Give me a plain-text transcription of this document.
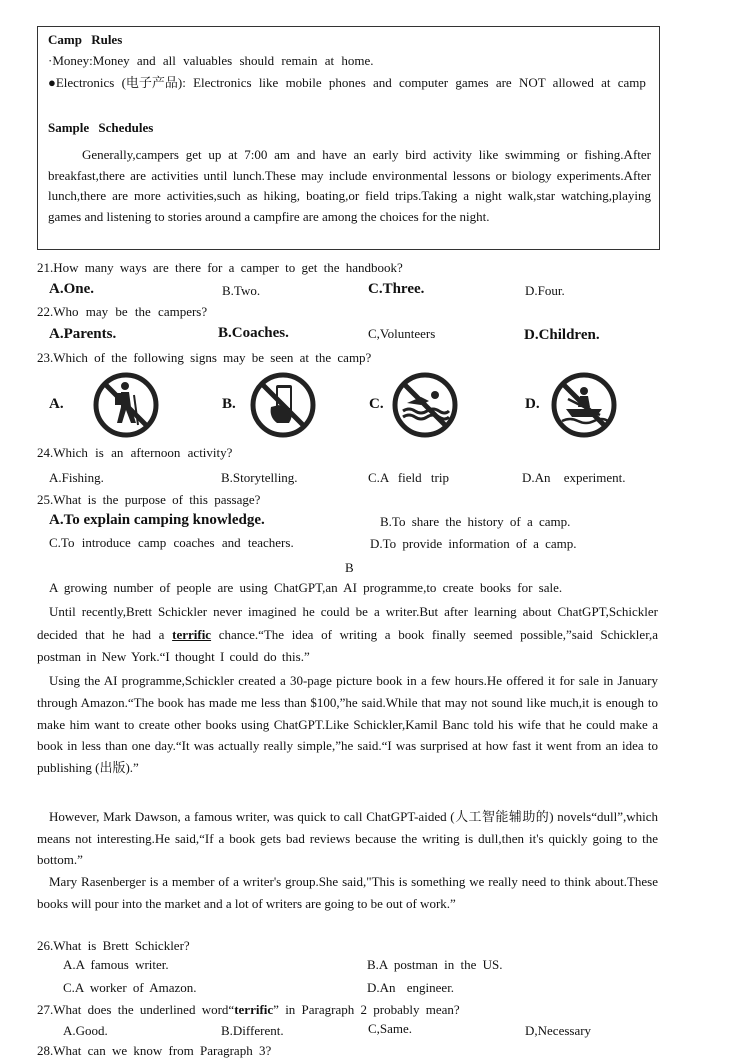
Camp Rules
·Money:Money and all valuables should remain at home.
●Electronics (电子产品): Electronics like mobile phones and computer games are NOT allowed at camp
Sample Schedules
Generally,campers get up at 7:00 am and have an early bird activity like swimming or fishing.After breakfast,there are activities until lunch.These may include environmental lessons or biology experiments.After lunch,there are more activities,such as hiking, boating,or field trips.Taking a night walk,star watching,playing games and listening to stories around a campfire are among the choices for the night.
21.How many ways are there for a camper to get the handbook?
A.One.	B.Two.	C.Three.	D.Four.
22.Who may be the campers?
A.Parents.	B.Coaches.	C,Volunteers	D.Children.
23.Which of the following signs may be seen at the camp?
A.	B.	C.	D.
24.Which is an afternoon activity?
A.Fishing.	B.Storytelling.	C.A field trip	D.An experiment.
25.What is the purpose of this passage?
A.To explain camping knowledge.	B.To share the history of a camp.
C.To introduce camp coaches and teachers.	D.To provide information of a camp.
B
A growing number of people are using ChatGPT,an AI programme,to create books for sale.
Until recently,Brett Schickler never imagined he could be a writer.But after learning about ChatGPT,Schickler decided that he had a terrific chance.“The idea of writing a book finally seemed possible,”said Schickler,a postman in New York.“I thought I could do this.”
Using the AI programme,Schickler created a 30-page picture book in a few hours.He offered it for sale in January through Amazon.“The book has made me less than $100,”he said.While that may not sound like much,it is enough to make him want to create other books using ChatGPT.Like Schickler,Kamil Banc told his wife that he could make a book in less than one day.“It was actually really simple,”he said.“I was surprised at how fast it went from an idea to publishing (出版).”
However, Mark Dawson, a famous writer, was quick to call ChatGPT-aided (人工智能辅助的) novels“dull”,which means not interesting.He said,“If a book gets bad reviews because the writing is dull,then it's quickly going to the bottom.”
Mary Rasenberger is a member of a writer's group.She said,"This is something we really need to think about.These books will pour into the market and a lot of writers are going to be out of work.”
26.What is Brett Schickler?
A.A famous writer.	B.A postman in the US.
C.A worker of Amazon.	D.An engineer.
27.What does the underlined word“terrific” in Paragraph 2 probably mean?
A.Good.	B.Different.	C,Same.	D,Necessary
28.What can we know from Paragraph 3?
